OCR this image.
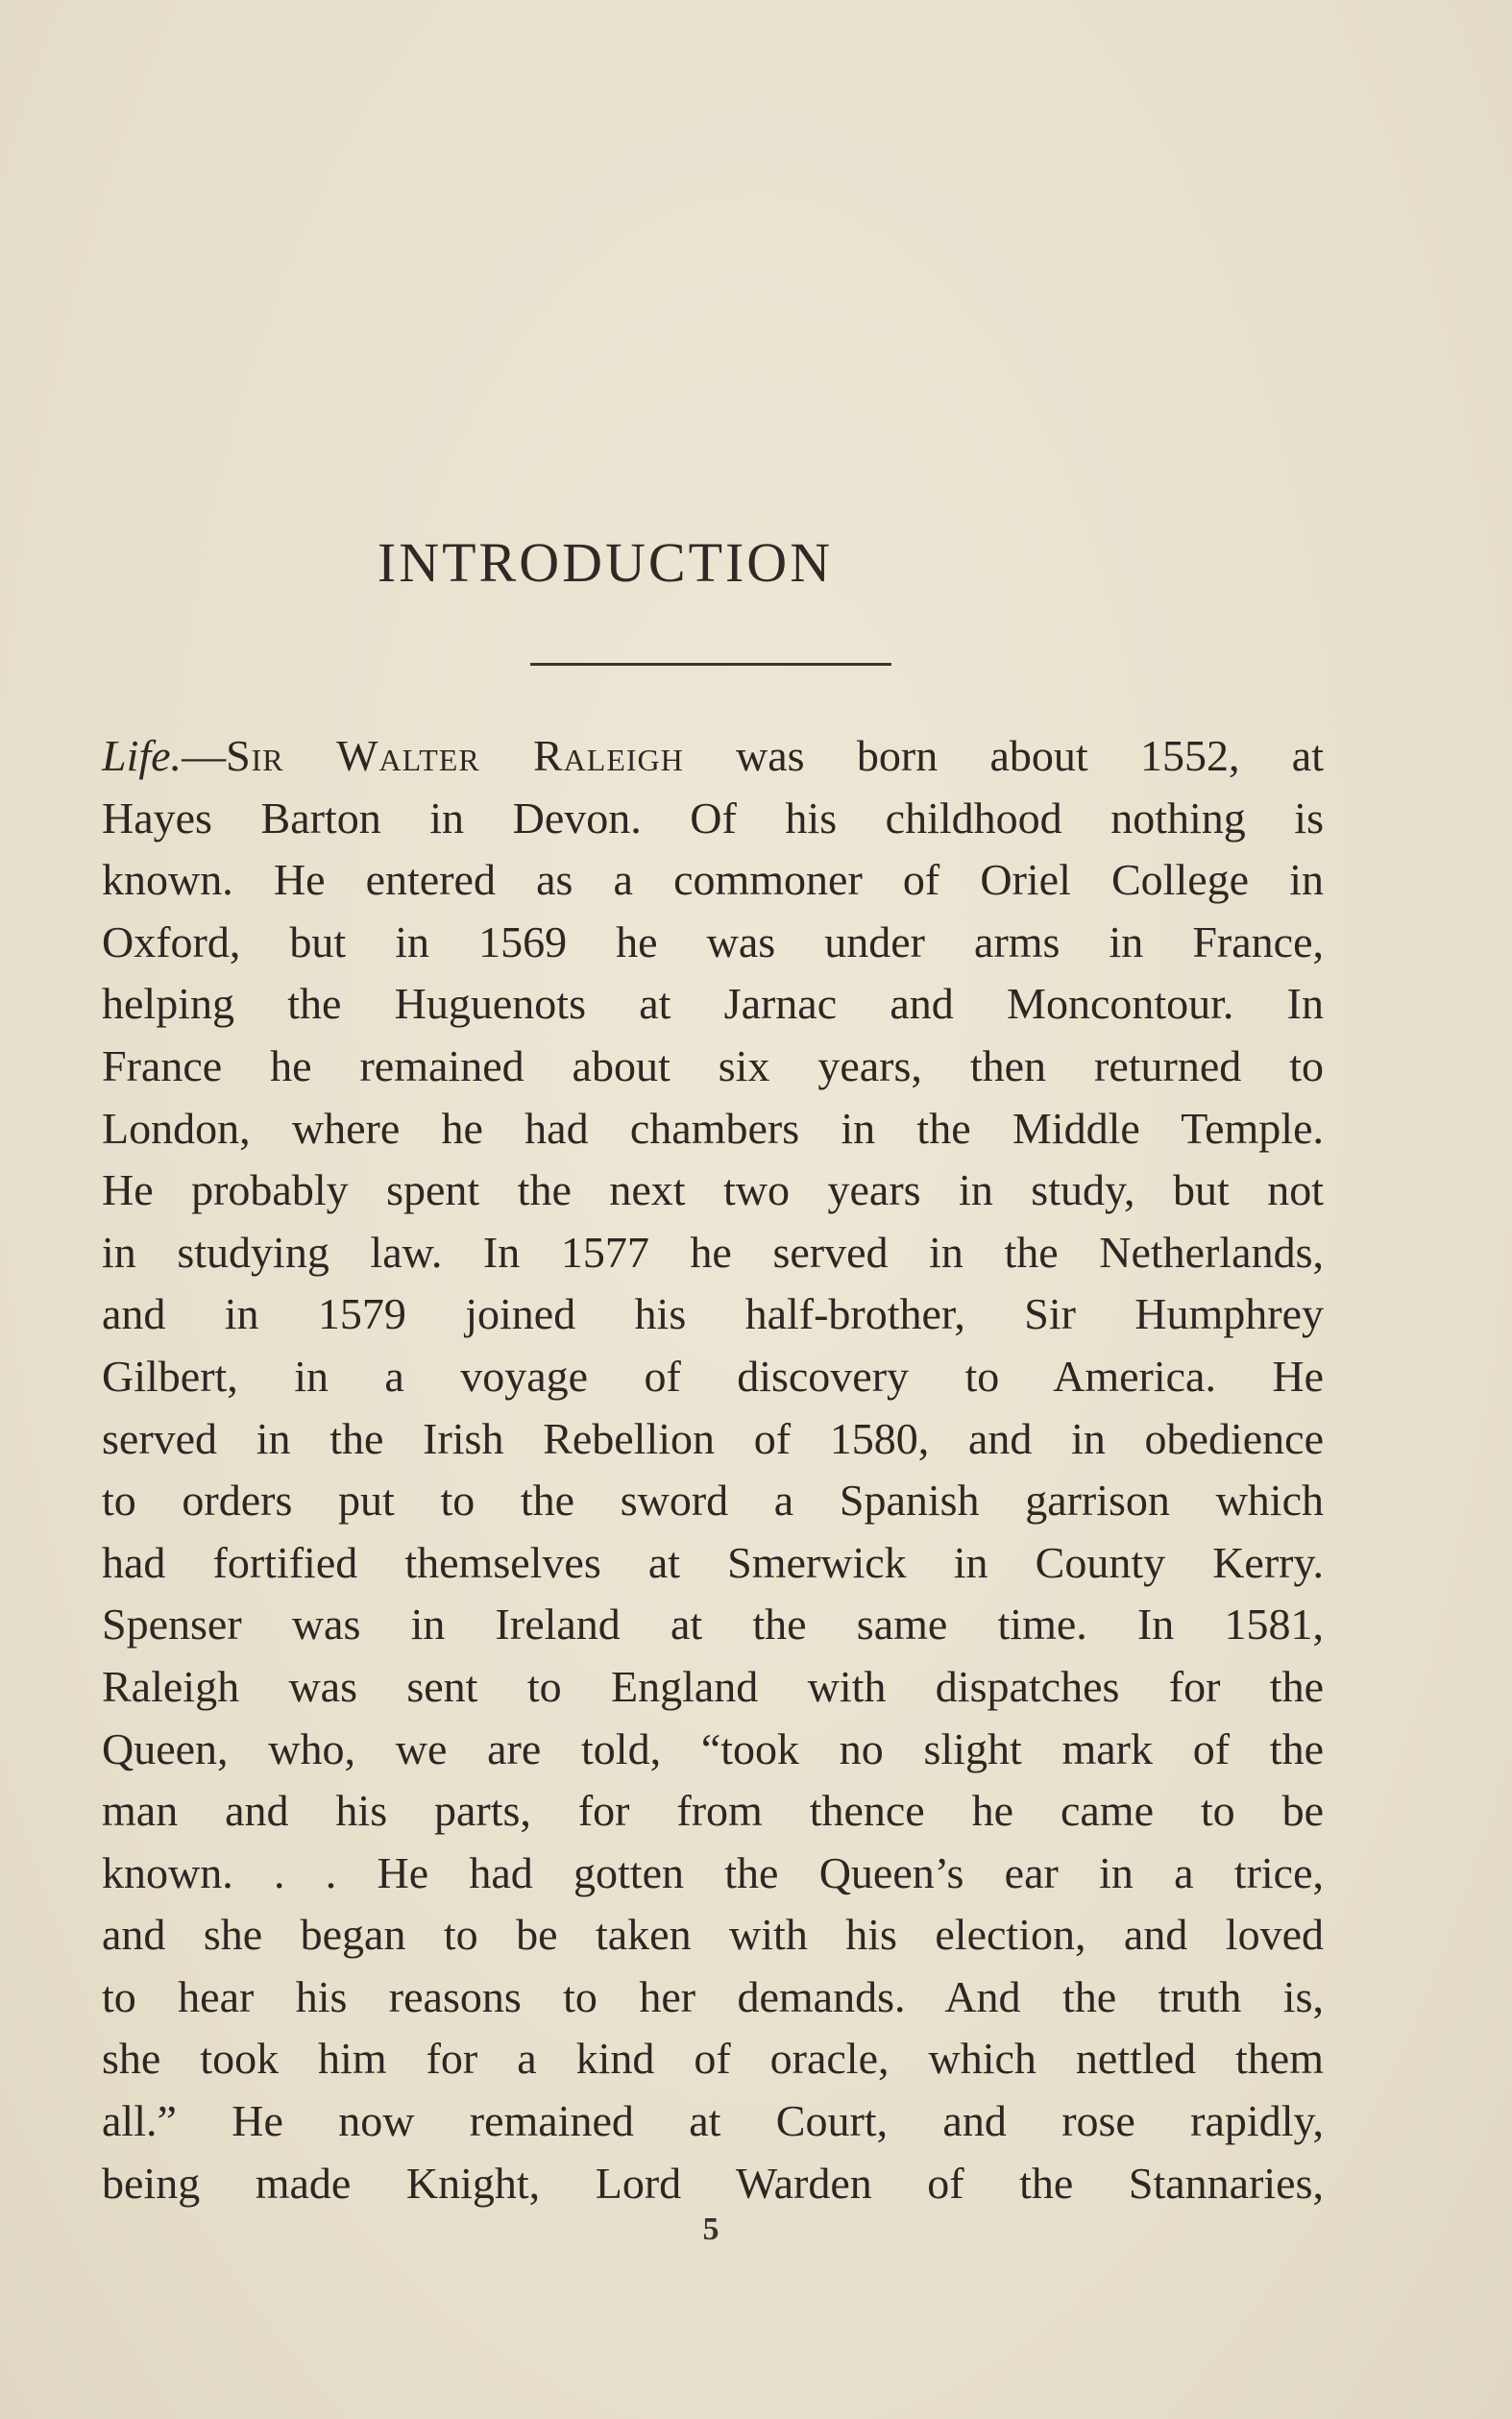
INTRODUCTION
Life.—Sir Walter Raleigh was born about 1552, at
Hayes Barton in Devon. Of his childhood nothing is
known. He entered as a commoner of Oriel College in
Oxford, but in 1569 he was under arms in France,
helping the Huguenots at Jarnac and Moncontour. In
France he remained about six years, then returned to
London, where he had chambers in the Middle Temple.
He probably spent the next two years in study, but not
in studying law. In 1577 he served in the Netherlands,
and in 1579 joined his half-brother, Sir Humphrey
Gilbert, in a voyage of discovery to America. He
served in the Irish Rebellion of 1580, and in obedience
to orders put to the sword a Spanish garrison which
had fortified themselves at Smerwick in County Kerry.
Spenser was in Ireland at the same time. In 1581,
Raleigh was sent to England with dispatches for the
Queen, who, we are told, “took no slight mark of the
man and his parts, for from thence he came to be
known. . . He had gotten the Queen’s ear in a trice,
and she began to be taken with his election, and loved
to hear his reasons to her demands. And the truth is,
she took him for a kind of oracle, which nettled them
all.” He now remained at Court, and rose rapidly,
being made Knight, Lord Warden of the Stannaries,
5
